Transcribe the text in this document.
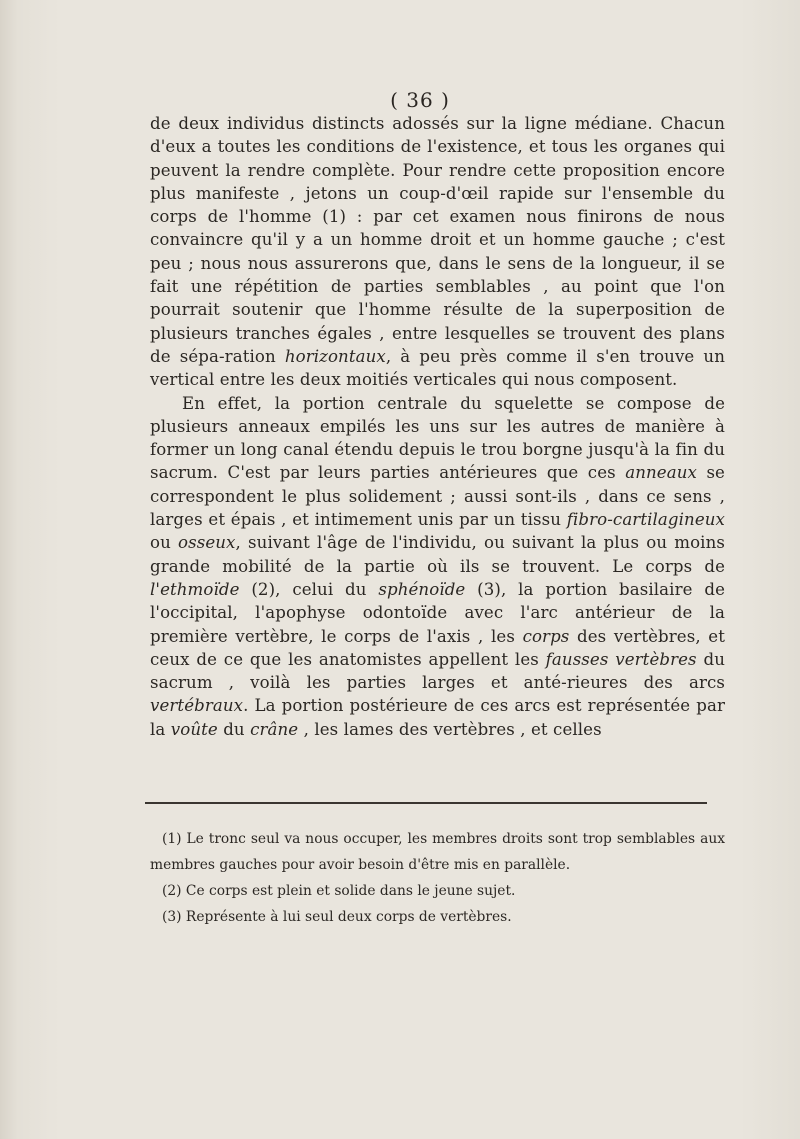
( 36 )

de deux individus distincts adossés sur la ligne médiane. Chacun d'eux a toutes les conditions de l'existence, et tous les organes qui peuvent la rendre complète. Pour rendre cette proposition encore plus manifeste , jetons un coup-d'œil rapide sur l'ensemble du corps de l'homme (1) : par cet examen nous finirons de nous convaincre qu'il y a un homme droit et un homme gauche ; c'est peu ; nous nous assurerons que, dans le sens de la longueur, il se fait une répétition de parties semblables , au point que l'on pourrait soutenir que l'homme résulte de la superposition de plusieurs tranches égales , entre lesquelles se trouvent des plans de sépa-ration horizontaux, à peu près comme il s'en trouve un vertical entre les deux moitiés verticales qui nous composent.

En effet, la portion centrale du squelette se compose de plusieurs anneaux empilés les uns sur les autres de manière à former un long canal étendu depuis le trou borgne jusqu'à la fin du sacrum. C'est par leurs parties antérieures que ces anneaux se correspondent le plus solidement ; aussi sont-ils , dans ce sens , larges et épais , et intimement unis par un tissu fibro-cartilagineux ou osseux, suivant l'âge de l'individu, ou suivant la plus ou moins grande mobilité de la partie où ils se trouvent. Le corps de l'ethmoïde (2), celui du sphénoïde (3), la portion basilaire de l'occipital, l'apophyse odontoïde avec l'arc antérieur de la première vertèbre, le corps de l'axis , les corps des vertèbres, et ceux de ce que les anatomistes appellent les fausses vertèbres du sacrum , voilà les parties larges et anté-rieures des arcs vertébraux. La portion postérieure de ces arcs est représentée par la voûte du crâne , les lames des vertèbres , et celles

(1) Le tronc seul va nous occuper, les membres droits sont trop semblables aux membres gauches pour avoir besoin d'être mis en parallèle.

(2) Ce corps est plein et solide dans le jeune sujet.

(3) Représente à lui seul deux corps de vertèbres.
